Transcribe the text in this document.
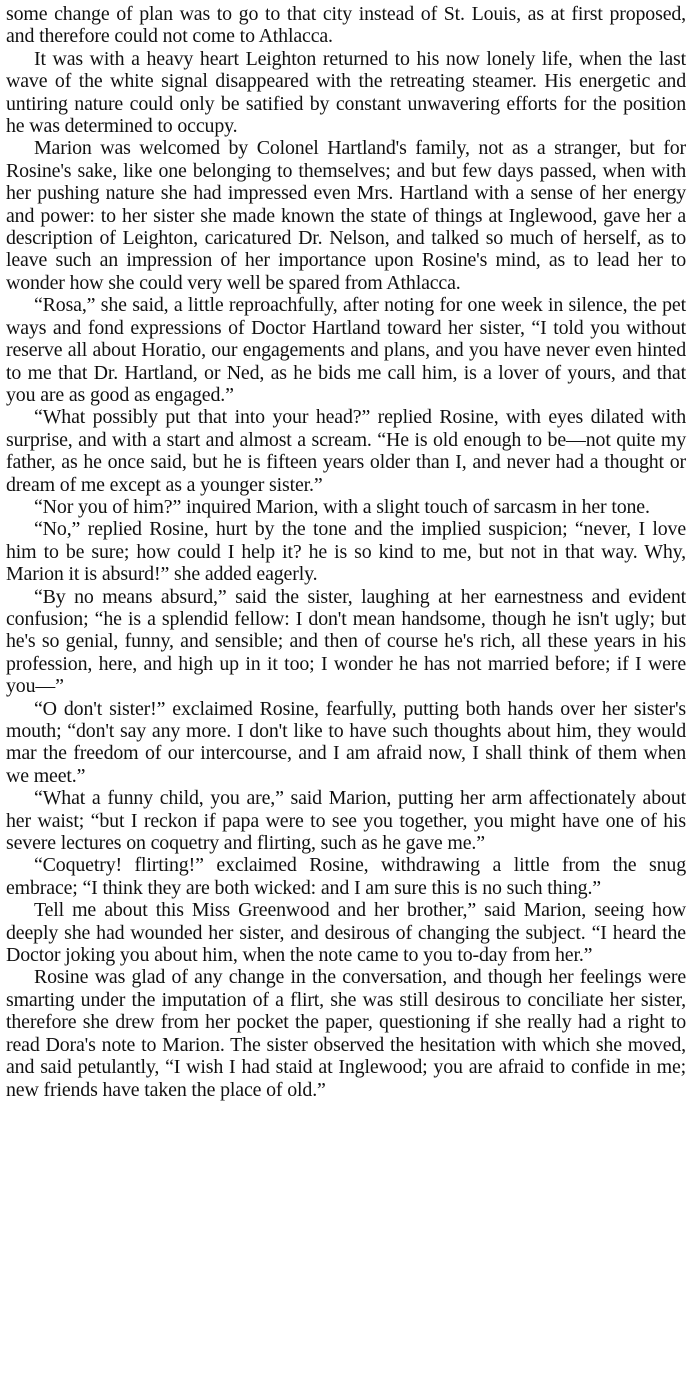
some change of plan was to go to that city instead of St. Louis, as at first proposed, and therefore could not come to Athlacca.

It was with a heavy heart Leighton returned to his now lonely life, when the last wave of the white signal disappeared with the retreating steamer. His energetic and untiring nature could only be satified by constant unwavering efforts for the position he was determined to occupy.

Marion was welcomed by Colonel Hartland's family, not as a stranger, but for Rosine's sake, like one belonging to themselves; and but few days passed, when with her pushing nature she had impressed even Mrs. Hartland with a sense of her energy and power: to her sister she made known the state of things at Inglewood, gave her a description of Leighton, caricatured Dr. Nelson, and talked so much of herself, as to leave such an impression of her importance upon Rosine's mind, as to lead her to wonder how she could very well be spared from Athlacca.

“Rosa,” she said, a little reproachfully, after noting for one week in silence, the pet ways and fond expressions of Doctor Hartland toward her sister, “I told you without reserve all about Horatio, our engagements and plans, and you have never even hinted to me that Dr. Hartland, or Ned, as he bids me call him, is a lover of yours, and that you are as good as engaged.”

“What possibly put that into your head?” replied Rosine, with eyes dilated with surprise, and with a start and almost a scream. “He is old enough to be—not quite my father, as he once said, but he is fifteen years older than I, and never had a thought or dream of me except as a younger sister.”

“Nor you of him?” inquired Marion, with a slight touch of sarcasm in her tone.

“No,” replied Rosine, hurt by the tone and the implied suspicion; “never, I love him to be sure; how could I help it? he is so kind to me, but not in that way. Why, Marion it is absurd!” she added eagerly.

“By no means absurd,” said the sister, laughing at her earnestness and evident confusion; “he is a splendid fellow: I don't mean handsome, though he isn't ugly; but he's so genial, funny, and sensible; and then of course he's rich, all these years in his profession, here, and high up in it too; I wonder he has not married before; if I were you—”

“O don't sister!” exclaimed Rosine, fearfully, putting both hands over her sister's mouth; “don't say any more. I don't like to have such thoughts about him, they would mar the freedom of our intercourse, and I am afraid now, I shall think of them when we meet.”

“What a funny child, you are,” said Marion, putting her arm affectionately about her waist; “but I reckon if papa were to see you together, you might have one of his severe lectures on coquetry and flirting, such as he gave me.”

“Coquetry! flirting!” exclaimed Rosine, withdrawing a little from the snug embrace; “I think they are both wicked: and I am sure this is no such thing.”

Tell me about this Miss Greenwood and her brother,” said Marion, seeing how deeply she had wounded her sister, and desirous of changing the subject. “I heard the Doctor joking you about him, when the note came to you to-day from her.”

Rosine was glad of any change in the conversation, and though her feelings were smarting under the imputation of a flirt, she was still desirous to conciliate her sister, therefore she drew from her pocket the paper, questioning if she really had a right to read Dora's note to Marion. The sister observed the hesitation with which she moved, and said petulantly, “I wish I had staid at Inglewood; you are afraid to confide in me; new friends have taken the place of old.”
